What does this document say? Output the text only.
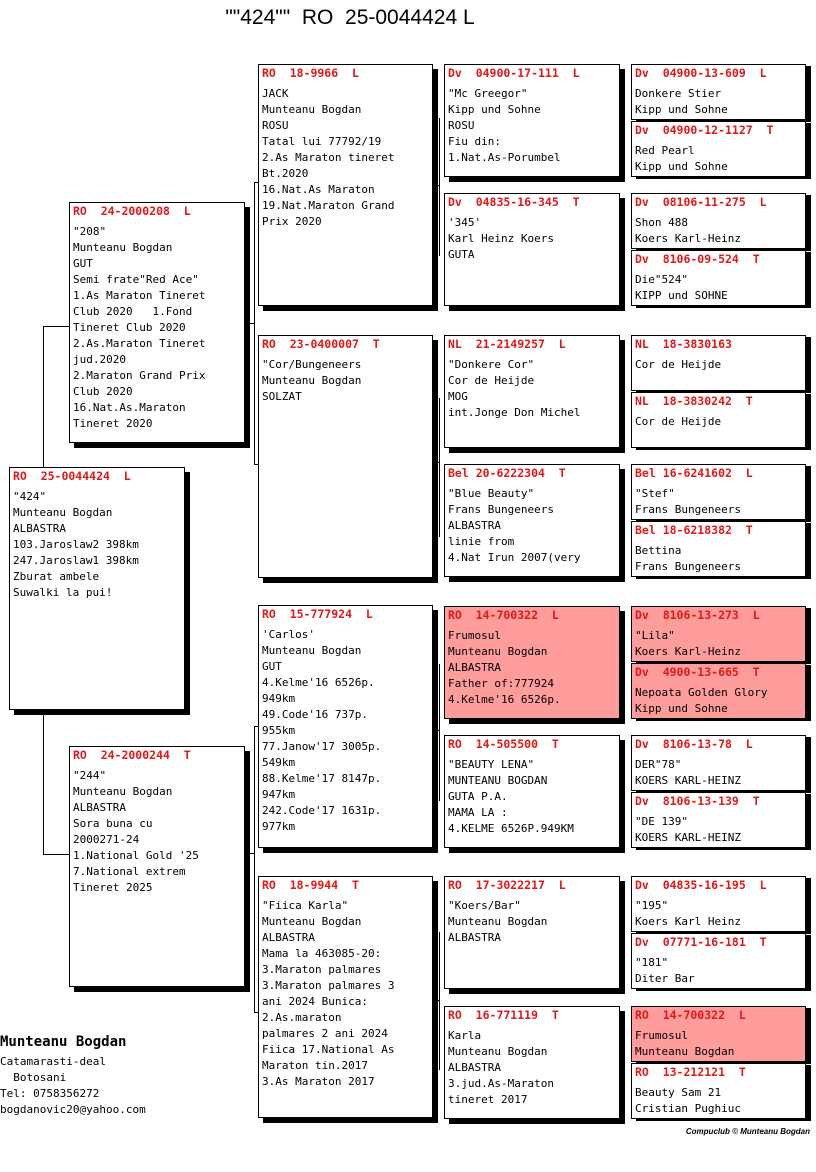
""424""  RO  25-0044424 L
RO  25-0044424  L
"424"
Munteanu Bogdan
ALBASTRA
103.Jaroslaw2 398km
247.Jaroslaw1 398km
Zburat ambele
Suwalki la pui!
RO  24-2000208  L
"208"
Munteanu Bogdan
GUT
Semi frate"Red Ace"
1.As Maraton Tineret
Club 2020   1.Fond
Tineret Club 2020
2.As.Maraton Tineret
jud.2020
2.Maraton Grand Prix
Club 2020
16.Nat.As.Maraton
Tineret 2020
RO  24-2000244  T
"244"
Munteanu Bogdan
ALBASTRA
Sora buna cu
2000271-24
1.National Gold '25
7.National extrem
Tineret 2025
RO  18-9966  L
JACK
Munteanu Bogdan
ROSU
Tatal lui 77792/19
2.As Maraton tineret
Bt.2020
16.Nat.As Maraton
19.Nat.Maraton Grand
Prix 2020
RO  23-0400007  T
"Cor/Bungeneers
Munteanu Bogdan
SOLZAT
RO  15-777924  L
'Carlos'
Munteanu Bogdan
GUT
4.Kelme'16 6526p.
949km
49.Code'16 737p.
955km
77.Janow'17 3005p.
549km
88.Kelme'17 8147p.
947km
242.Code'17 1631p.
977km
RO  18-9944  T
"Fiica Karla"
Munteanu Bogdan
ALBASTRA
Mama la 463085-20:
3.Maraton palmares
3.Maraton palmares 3
ani 2024 Bunica:
2.As.maraton
palmares 2 ani 2024
Fiica 17.National As
Maraton tin.2017
3.As Maraton 2017
Dv  04900-17-111  L
"Mc Greegor"
Kipp und Sohne
ROSU
Fiu din:
1.Nat.As-Porumbel
Dv  04835-16-345  T
'345'
Karl Heinz Koers
GUTA
NL  21-2149257  L
"Donkere Cor"
Cor de Heijde
MOG
int.Jonge Don Michel
Bel 20-6222304  T
"Blue Beauty"
Frans Bungeneers
ALBASTRA
linie from
4.Nat Irun 2007(very
RO  14-700322  L
Frumosul
Munteanu Bogdan
ALBASTRA
Father of:777924
4.Kelme'16 6526p.
RO  14-505500  T
"BEAUTY LENA"
MUNTEANU BOGDAN
GUTA P.A.
MAMA LA :
4.KELME 6526P.949KM
RO  17-3022217  L
"Koers/Bar"
Munteanu Bogdan
ALBASTRA
RO  16-771119  T
Karla
Munteanu Bogdan
ALBASTRA
3.jud.As-Maraton
tineret 2017
Dv  04900-13-609  L
Donkere Stier
Kipp und Sohne
Dv  04900-12-1127  T
Red Pearl
Kipp und Sohne
Dv  08106-11-275  L
Shon 488
Koers Karl-Heinz
Dv  8106-09-524  T
Die"524"
KIPP und SOHNE
NL  18-3830163
Cor de Heijde
NL  18-3830242  T
Cor de Heijde
Bel 16-6241602  L
"Stef"
Frans Bungeneers
Bel 18-6218382  T
Bettina
Frans Bungeneers
Dv  8106-13-273  L
"Lila"
Koers Karl-Heinz
Dv  4900-13-665  T
Nepoata Golden Glory
Kipp und Sohne
Dv  8106-13-78  L
DER"78"
KOERS KARL-HEINZ
Dv  8106-13-139  T
"DE 139"
KOERS KARL-HEINZ
Dv  04835-16-195  L
"195"
Koers Karl Heinz
Dv  07771-16-181  T
"181"
Diter Bar
RO  14-700322  L
Frumosul
Munteanu Bogdan
RO  13-212121  T
Beauty Sam 21
Cristian Pughiuc
Munteanu Bogdan
Catamarasti-deal
Botosani
Tel: 0758356272
bogdanovic20@yahoo.com
Compuclub © Munteanu Bogdan
